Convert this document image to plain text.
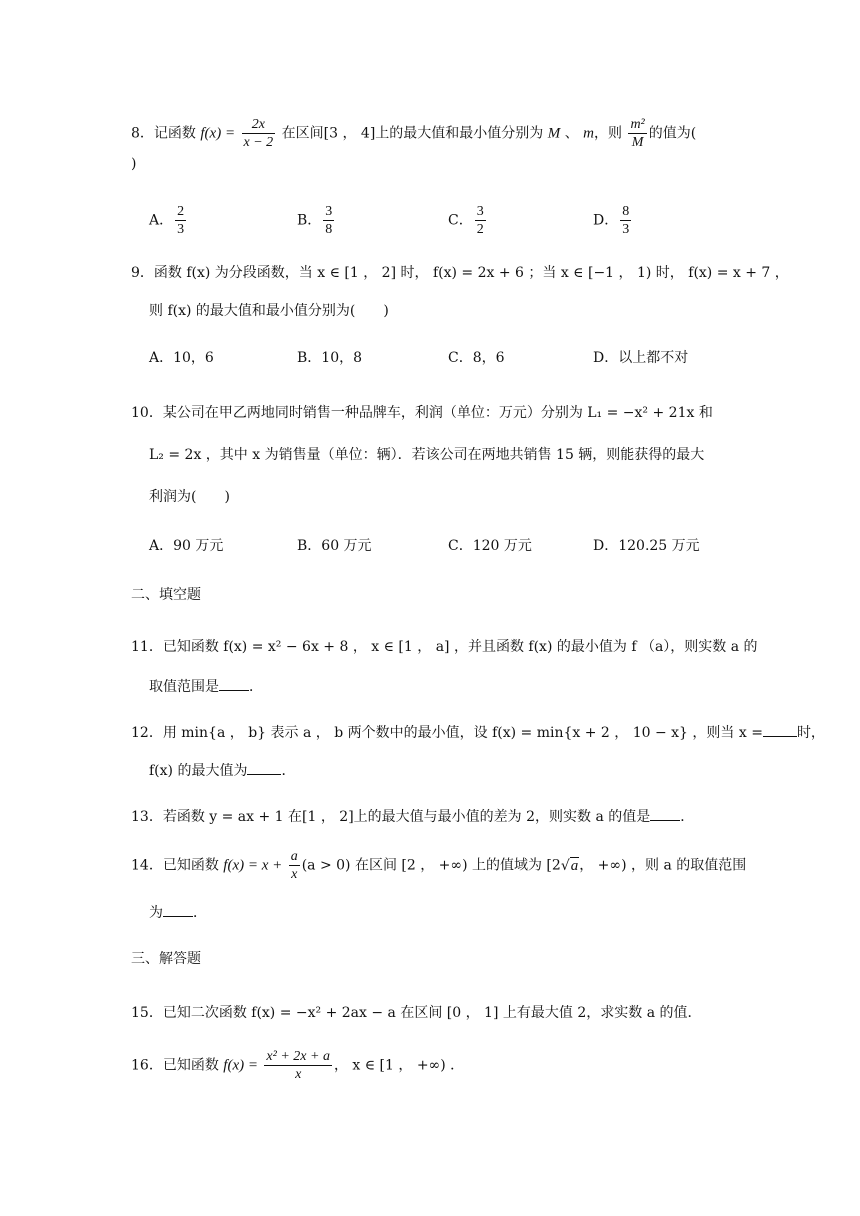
8．记函数 $f(x) = \frac{2x}{x - 2}$ 在区间[3 ， 4]上的最大值和最小值分别为 M 、 m，则 $\frac{\text{m²}}{M}$ 的值为(
)
A． $\frac{2}{3}$	B． $\frac{3}{8}$	C． $\frac{3}{2}$	D． $\frac{8}{3}$
9．函数 f(x) 为分段函数，当 x ∈ [1 ， 2] 时， f(x) = 2x + 6 ；当 x ∈ [−1 ， 1) 时， f(x) = x + 7 ，
则 f(x) 的最大值和最小值分别为(　　)
A．10，6	B．10，8	C．8，6	D．以上都不对
10．某公司在甲乙两地同时销售一种品牌车，利润（单位：万元）分别为 L₁ = −x² + 21x 和
L₂ = 2x ，其中 x 为销售量（单位：辆）．若该公司在两地共销售 15 辆，则能获得的最大
利润为(　　)
A．90 万元	B．60 万元	C．120 万元	D．120.25 万元
二、填空题
11．已知函数 f(x) = x² − 6x + 8 ， x ∈ [1 ， a] ，并且函数 f(x) 的最小值为 f （a），则实数 a 的
取值范围是 ．
12．用 min{a ， b} 表示 a ， b 两个数中的最小值，设 f(x) = min{x + 2 ， 10 − x} ，则当 x = 时，
f(x) 的最大值为 ．
13．若函数 y = ax + 1 在[1 ， 2]上的最大值与最小值的差为 2，则实数 a 的值是 ．
14．已知函数 $f(x) = x + \frac{a}{x} (a > 0)$ 在区间 [2 ， +∞) 上的值域为 [2√a， +∞) ，则 a 的取值范围
为 ．
三、解答题
15．已知二次函数 f(x) = −x² + 2ax − a 在区间 [0 ， 1] 上有最大值 2，求实数 a 的值．
16．已知函数 $f(x) = \frac{\text{x² + 2x + a}}{x}$ ， x ∈ [1 ， +∞) ．
